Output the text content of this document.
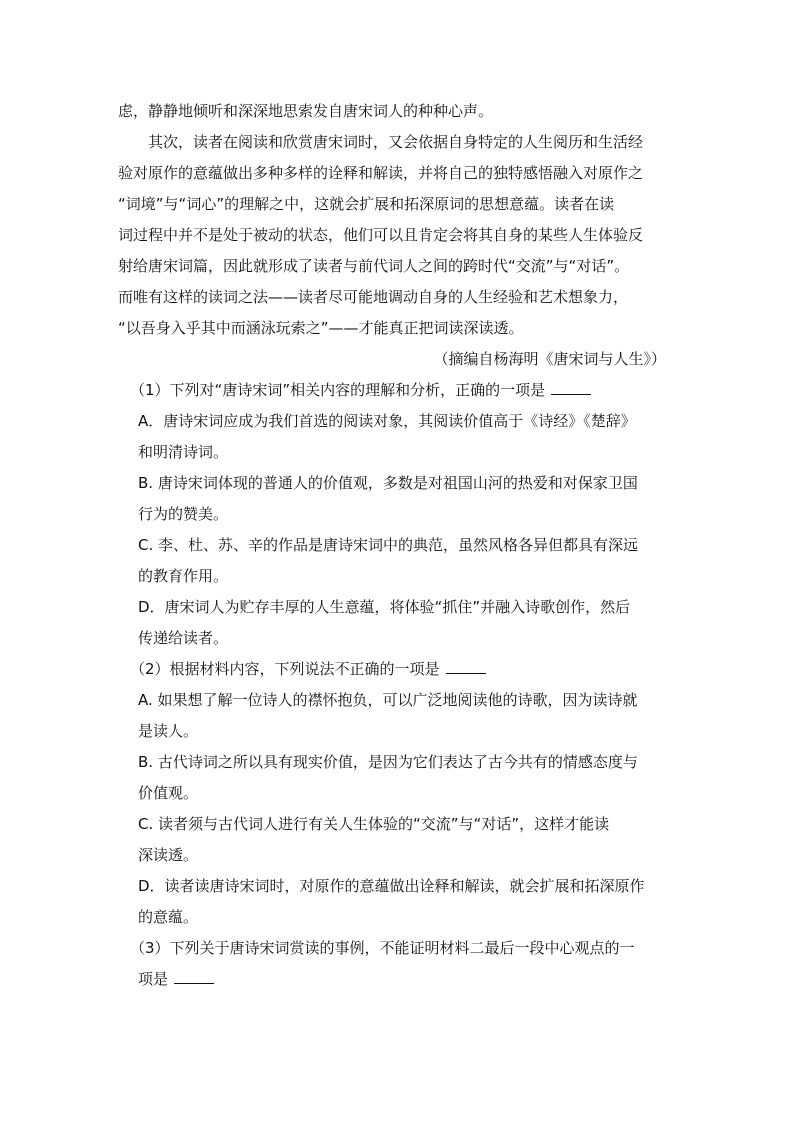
虑，静静地倾听和深深地思索发自唐宋词人的种种心声。
其次，读者在阅读和欣赏唐宋词时，又会依据自身特定的人生阅历和生活经
验对原作的意蕴做出多种多样的诠释和解读，并将自己的独特感悟融入对原作之
“词境”与“词心”的理解之中，这就会扩展和拓深原词的思想意蕴。读者在读
词过程中并不是处于被动的状态，他们可以且肯定会将其自身的某些人生体验反
射给唐宋词篇，因此就形成了读者与前代词人之间的跨时代“交流”与“对话”。
而唯有这样的读词之法——读者尽可能地调动自身的人生经验和艺术想象力，
“以吾身入乎其中而涵泳玩索之”——才能真正把词读深读透。
（摘编自杨海明《唐宋词与人生》）
（1）下列对“唐诗宋词”相关内容的理解和分析，正确的一项是
A．唐诗宋词应成为我们首选的阅读对象，其阅读价值高于《诗经》《楚辞》
和明清诗词。
B. 唐诗宋词体现的普通人的价值观，多数是对祖国山河的热爱和对保家卫国
行为的赞美。
C. 李、杜、苏、辛的作品是唐诗宋词中的典范，虽然风格各异但都具有深远
的教育作用。
D．唐宋词人为贮存丰厚的人生意蕴，将体验“抓住”并融入诗歌创作，然后
传递给读者。
（2）根据材料内容，下列说法不正确的一项是
A. 如果想了解一位诗人的襟怀抱负，可以广泛地阅读他的诗歌，因为读诗就
是读人。
B. 古代诗词之所以具有现实价值，是因为它们表达了古今共有的情感态度与
价值观。
C. 读者须与古代词人进行有关人生体验的“交流”与“对话”，这样才能读
深读透。
D．读者读唐诗宋词时，对原作的意蕴做出诠释和解读，就会扩展和拓深原作
的意蕴。
（3）下列关于唐诗宋词赏读的事例，不能证明材料二最后一段中心观点的一
项是
